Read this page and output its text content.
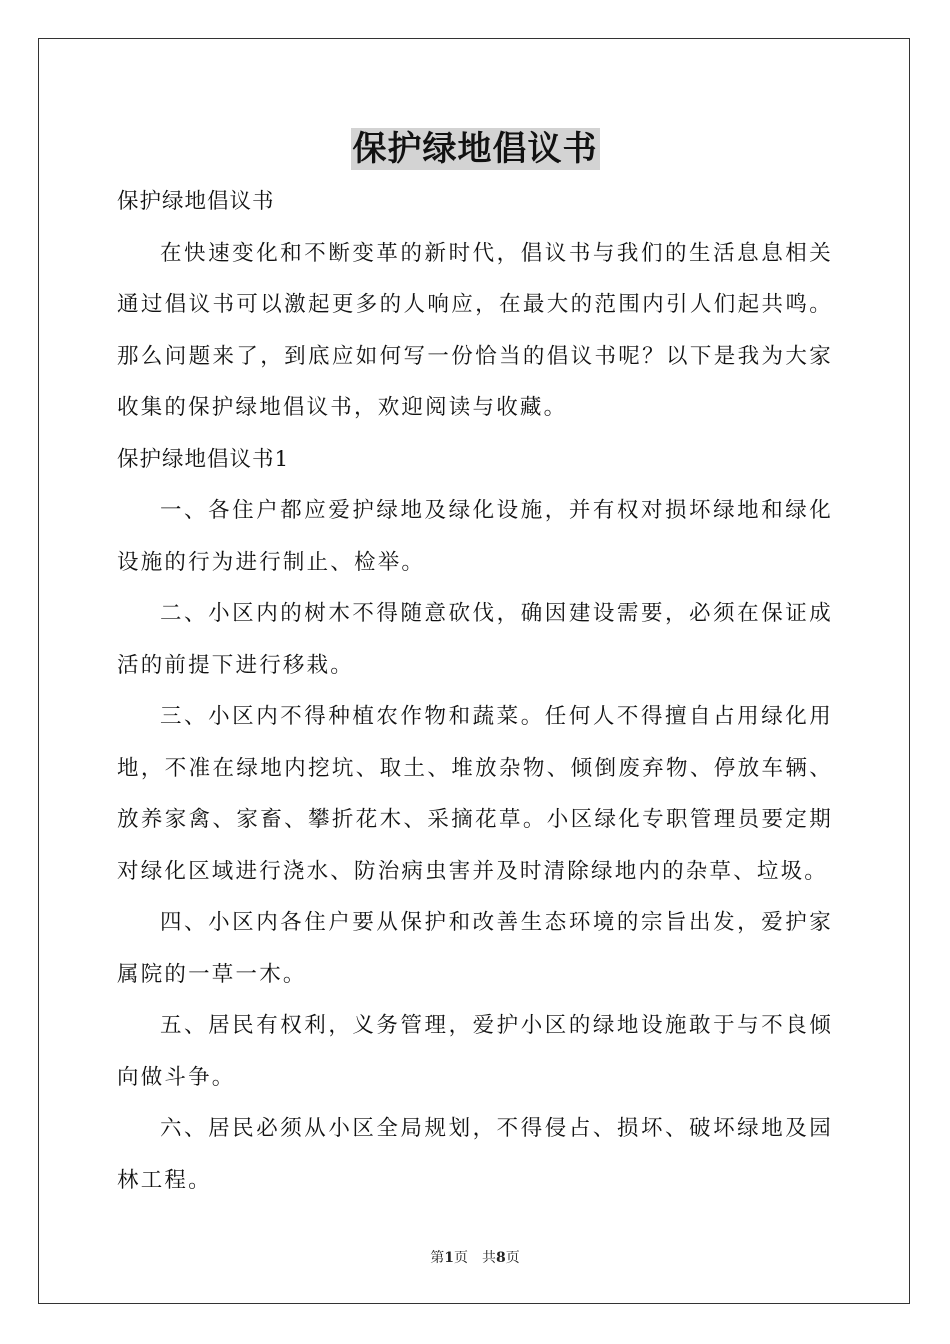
保护绿地倡议书

保护绿地倡议书

在快速变化和不断变革的新时代，倡议书与我们的生活息息相关通过倡议书可以激起更多的人响应，在最大的范围内引人们起共鸣。那么问题来了，到底应如何写一份恰当的倡议书呢？以下是我为大家收集的保护绿地倡议书，欢迎阅读与收藏。

保护绿地倡议书1

一、各住户都应爱护绿地及绿化设施，并有权对损坏绿地和绿化设施的行为进行制止、检举。

二、小区内的树木不得随意砍伐，确因建设需要，必须在保证成活的前提下进行移栽。

三、小区内不得种植农作物和蔬菜。任何人不得擅自占用绿化用地，不准在绿地内挖坑、取土、堆放杂物、倾倒废弃物、停放车辆、放养家禽、家畜、攀折花木、采摘花草。小区绿化专职管理员要定期对绿化区域进行浇水、防治病虫害并及时清除绿地内的杂草、垃圾。

四、小区内各住户要从保护和改善生态环境的宗旨出发，爱护家属院的一草一木。

五、居民有权利，义务管理，爱护小区的绿地设施敢于与不良倾向做斗争。

六、居民必须从小区全局规划，不得侵占、损坏、破坏绿地及园林工程。

第1页　共8页
